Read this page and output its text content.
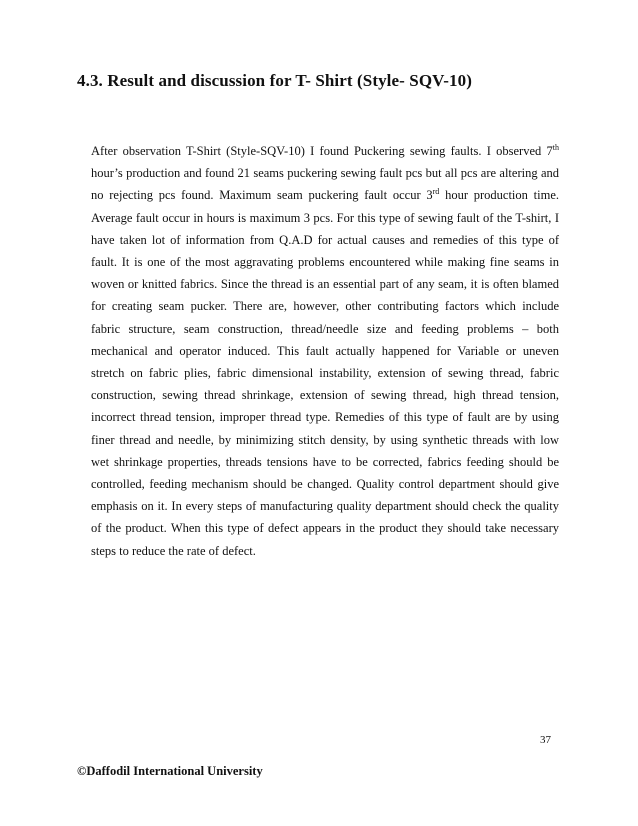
4.3. Result and discussion for T- Shirt (Style- SQV-10)
After observation T-Shirt (Style-SQV-10) I found Puckering sewing faults. I observed 7th
hour’s production and found 21 seams puckering sewing fault pcs but all pcs are altering and
no rejecting pcs found. Maximum seam puckering fault occur 3rd hour production time.
Average fault occur in hours is maximum 3 pcs. For this type of sewing fault of the T-shirt, I
have taken lot of information from Q.A.D for actual causes and remedies of this type of
fault. It is one of the most aggravating problems encountered while making fine seams in
woven or knitted fabrics. Since the thread is an essential part of any seam, it is often blamed
for creating seam pucker. There are, however, other contributing factors which include
fabric structure, seam construction, thread/needle size and feeding problems – both
mechanical and operator induced. This fault actually happened for Variable or uneven
stretch on fabric plies, fabric dimensional instability, extension of sewing thread, fabric
construction, sewing thread shrinkage, extension of sewing thread, high thread tension,
incorrect thread tension, improper thread type. Remedies of this type of fault are by using
finer thread and needle, by minimizing stitch density, by using synthetic threads with low
wet shrinkage properties, threads tensions have to be corrected, fabrics feeding should be
controlled, feeding mechanism should be changed. Quality control department should give
emphasis on it. In every steps of manufacturing quality department should check the quality
of the product. When this type of defect appears in the product they should take necessary
steps to reduce the rate of defect.

37

©Daffodil International University
